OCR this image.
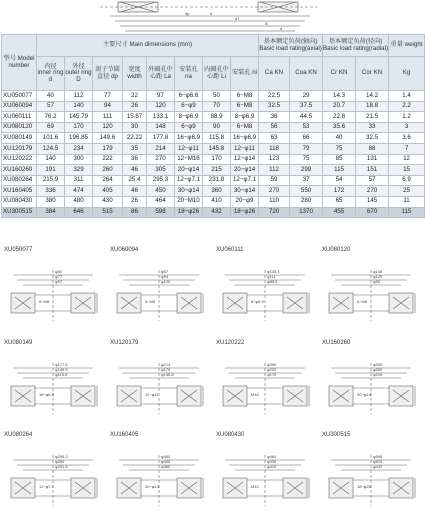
dp	d
d1
B
d
型号 Model number	主要尺寸 Main dimensions (mm)								基本额定负荷(轴向) Basic load rating(axial)		基本额定负荷(径向) Basic load rating(radial)		重量 weight
	内径 inner ring d	外径 outer ring D	滚子节圆直径 dp	宽度 width	外圈孔中心距 La	安装孔 na	内圈孔中心距 Li	安装孔 ni	Ca KN	Coa KN	Cr KN	Cor KN	Kg
XU050077	40	112	77	22	97	6−φ6.6	50	6−M8	22.5	29	14.3	14.2	1.4
XU060094	57	140	94	26	120	6−φ9	70	6−M8	32.5	37.5	20.7	18.8	2.2
XU060111	76.2	145.79	111	15.87	133.1	8−φ6.9	88.9	8−φ6.9	36	44.5	22.8	21.5	1.2
XU080120	69	170	120	30	148	6−φ9	90	6−M8	56	53	35.6	33	3
XU080149	101.6	196.85	149.6	22.22	177.8	16−φ6.9	115.8	16−φ6.9	63	66	40	32.5	3.6
XU120179	124.5	234	179	35	214	12−φ11	145.8	12−φ11	118	79	75	88	7
XU120222	140	300	222	36	270	12−M16	170	12−φ14	123	75	85	131	12
XU160260	191	329	260	46	305	20−φ14	215	20−φ14	112	299	115	151	15
XU080264	215.9	311	264	25.4	295.3	12−φ7.1	231.8	12−φ7.1	59	37	54	57	6.9
XU160405	336	474	405	46	450	30−φ14	360	30−φ14	270	550	172	270	25
XU080430	380	480	430	26	464	20−M10	410	20−φ9	110	280	65	145	11
XU300515	384	646	515	86	598	18−φ26	432	18−φ26	720	1370	455	670	115
XU050077
φ50
φ77
φ97
6−M8
XU060094
φ57
φ94
φ120
6−M8
XU060111
φ133.1
φ111
φ88.9
8−φ6.9
XU080120
φ148
φ120
φ90
6−M8
XU080149
φ177.8
φ149.6
φ115.8
16−φ6.9
XU120179
φ214
φ179
φ145.8
12−φ11
XU120222
φ300
φ222
φ170
M16
XU160260
φ305
φ260
φ215
20−φ14
XU080264
φ295.3
φ264
φ231.8
12−φ7.1
XU160405
φ450
φ405
φ360
30−φ14
XU080430
φ464
φ430
φ410
M10
XU300515
φ598
φ515
φ432
18−φ26
